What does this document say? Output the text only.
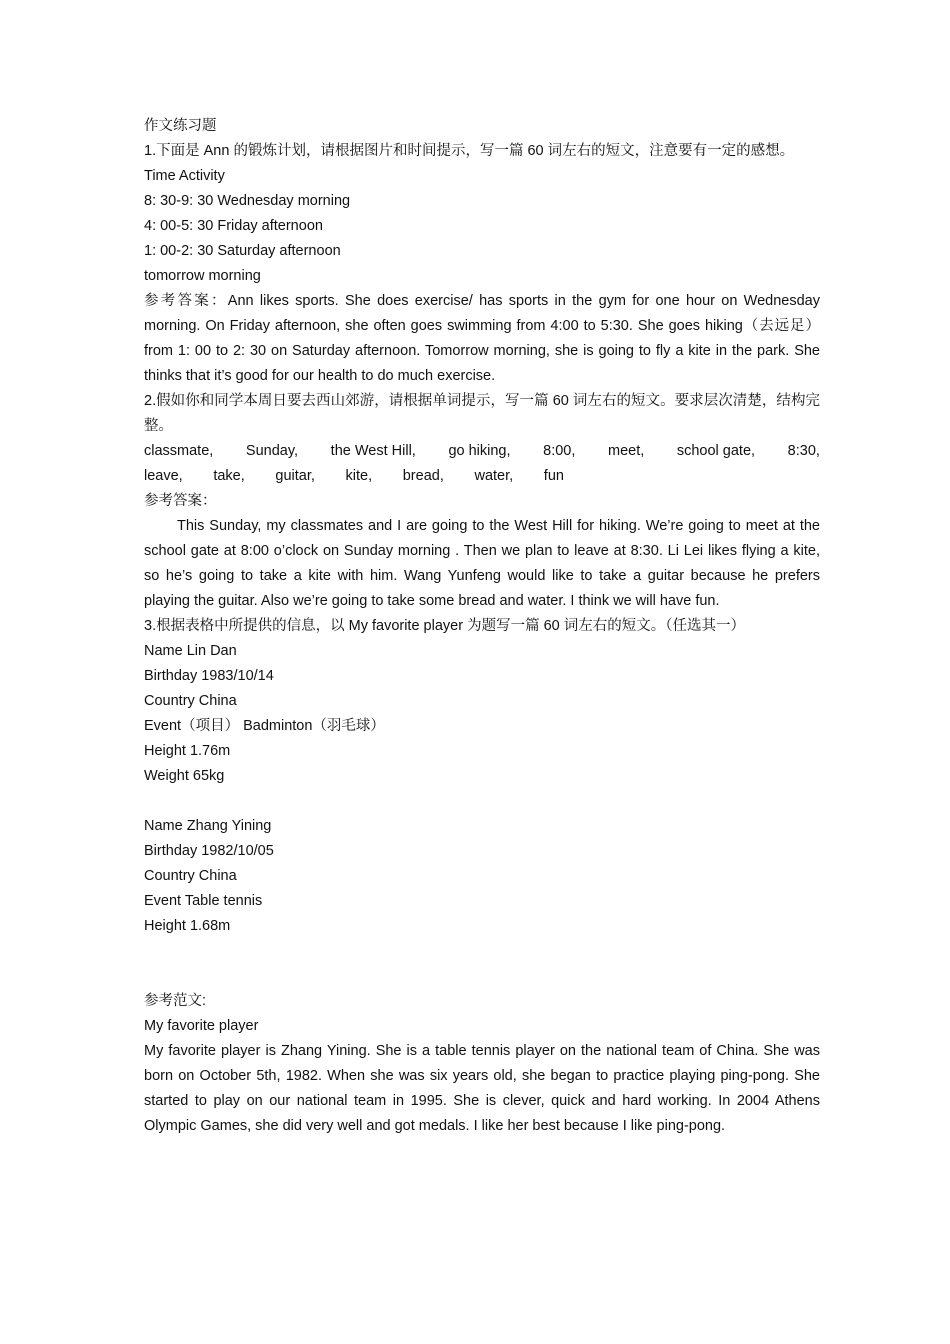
作文练习题
1.下面是 Ann 的锻炼计划，请根据图片和时间提示，写一篇 60 词左右的短文，注意要有一定的感想。
Time Activity
8: 30-9: 30 Wednesday morning
4: 00-5: 30 Friday afternoon
1: 00-2: 30 Saturday afternoon
tomorrow morning
参考答案：Ann likes sports. She does exercise/ has sports in the gym for one hour on Wednesday morning. On Friday afternoon, she often goes swimming from 4:00 to 5:30. She goes hiking（去远足） from 1: 00 to 2: 30 on Saturday afternoon. Tomorrow morning, she is going to fly a kite in the park. She thinks that it’s good for our health to do much exercise.
2.假如你和同学本周日要去西山郊游，请根据单词提示，写一篇 60 词左右的短文。要求层次清楚，结构完整。
classmate, Sunday, the West Hill, go hiking, 8:00, meet, school gate, 8:30,
leave, take, guitar, kite, bread, water, fun
参考答案：
This Sunday, my classmates and I are going to the West Hill for hiking. We’re going to meet at the school gate at 8:00 o’clock on Sunday morning . Then we plan to leave at 8:30. Li Lei likes flying a kite, so he’s going to take a kite with him. Wang Yunfeng would like to take a guitar because he prefers playing the guitar. Also we’re going to take some bread and water. I think we will have fun.
3.根据表格中所提供的信息，以 My favorite player 为题写一篇 60 词左右的短文。（任选其一）
Name Lin Dan
Birthday 1983/10/14
Country China
Event（项目） Badminton（羽毛球）
Height 1.76m
Weight 65kg
Name Zhang Yining
Birthday 1982/10/05
Country China
Event Table tennis
Height 1.68m
参考范文:
My favorite player
My favorite player is Zhang Yining. She is a table tennis player on the national team of China. She was born on October 5th, 1982. When she was six years old, she began to practice playing ping-pong. She started to play on our national team in 1995. She is clever, quick and hard working. In 2004 Athens Olympic Games, she did very well and got medals. I like her best because I like ping-pong.
